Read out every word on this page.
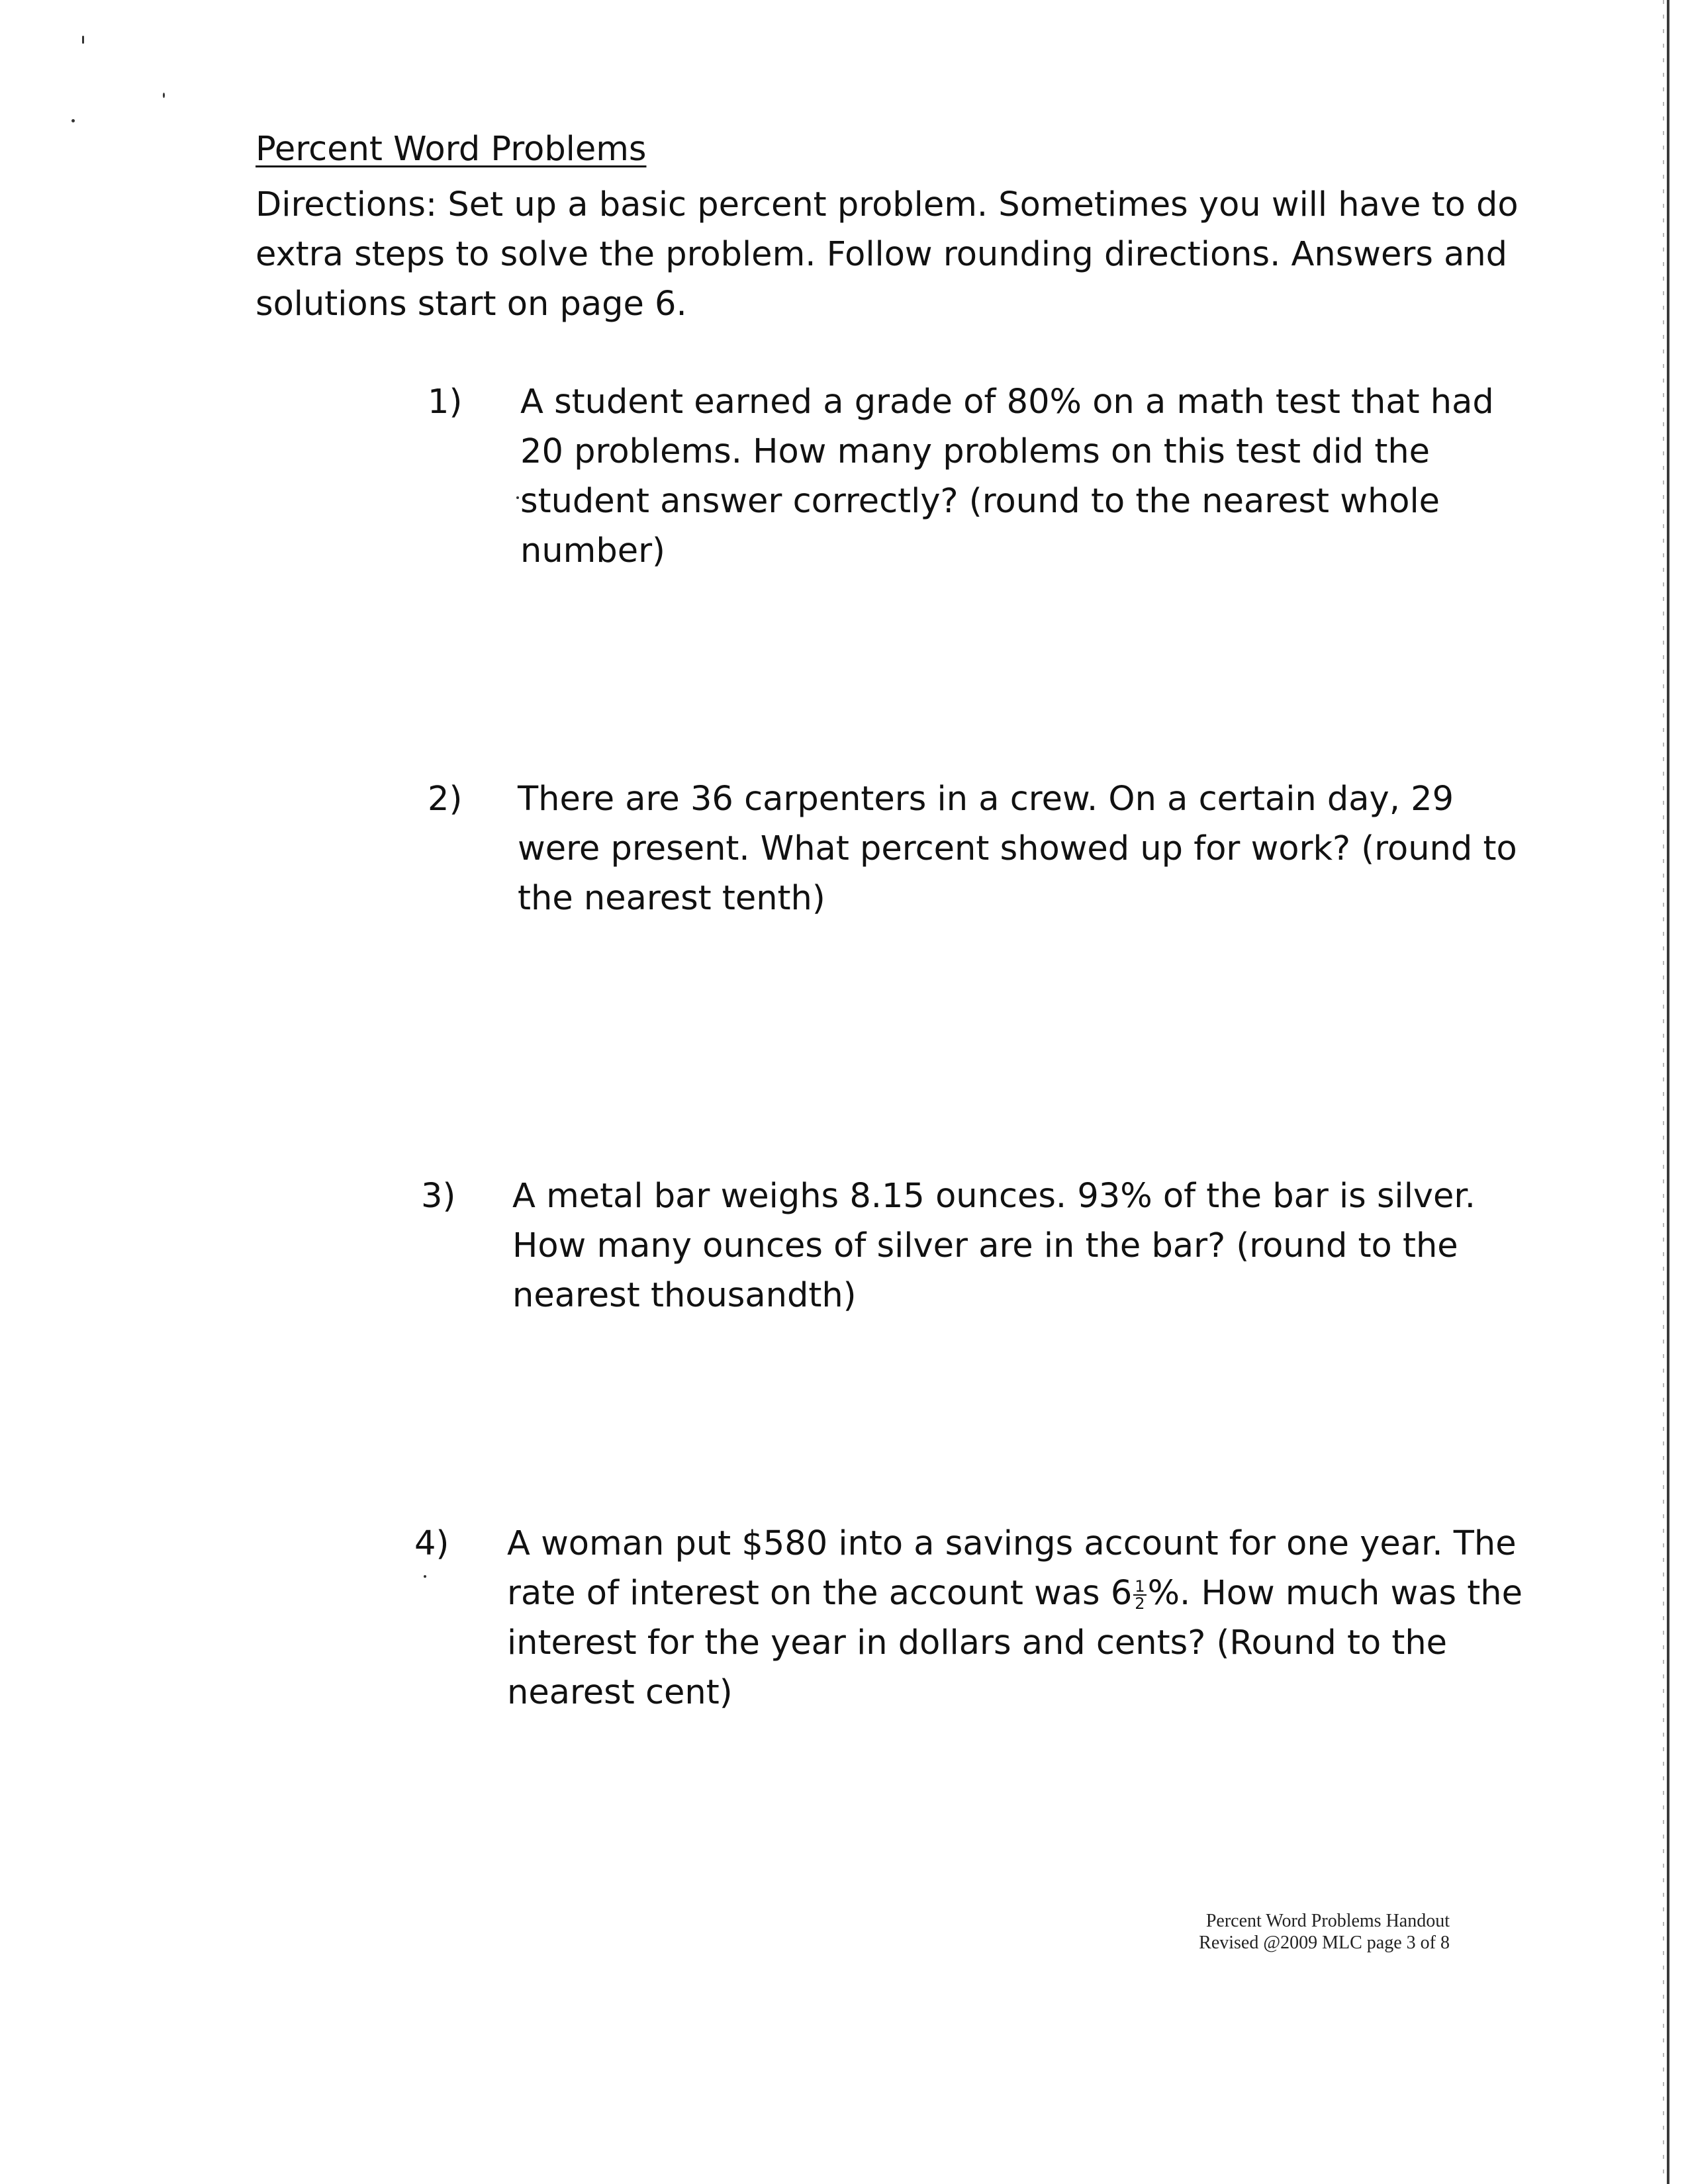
Percent Word Problems
Directions: Set up a basic percent problem. Sometimes you will have to do
extra steps to solve the problem. Follow rounding directions. Answers and
solutions start on page 6.
1) A student earned a grade of 80% on a math test that had
20 problems. How many problems on this test did the
student answer correctly? (round to the nearest whole
number)
2) There are 36 carpenters in a crew. On a certain day, 29
were present. What percent showed up for work? (round to
the nearest tenth)
3) A metal bar weighs 8.15 ounces. 93% of the bar is silver.
How many ounces of silver are in the bar? (round to the
nearest thousandth)
4) A woman put $580 into a savings account for one year. The
rate of interest on the account was $6 \frac{1}{2}$ %. How much was the
interest for the year in dollars and cents? (Round to the
nearest cent)
Percent Word Problems Handout
Revised @2009 MLC page 3 of 8
